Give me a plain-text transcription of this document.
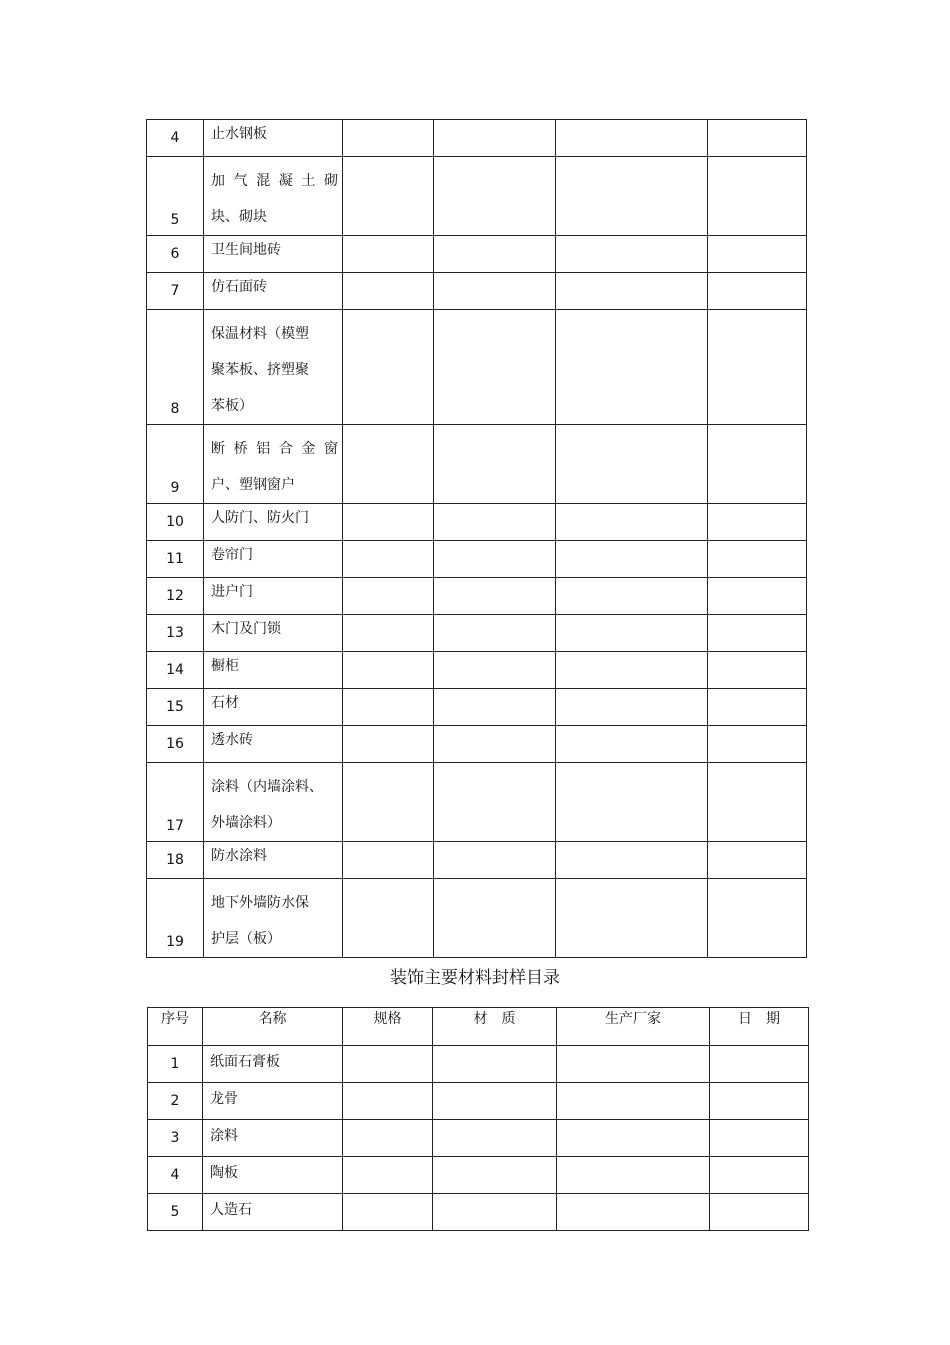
4	止水钢板				

5	加气混凝土砌
块、砌块				

6	卫生间地砖				

7	仿石面砖				

8	保温材料（模塑
聚苯板、挤塑聚
苯板）				

9	断桥铝合金窗
户、塑钢窗户				

10	人防门、防火门				

11	卷帘门				

12	进户门				

13	木门及门锁				

14	橱柜				

15	石材				

16	透水砖				

17	涂料（内墙涂料、
外墙涂料）				

18	防水涂料				

19	地下外墙防水保
护层（板）				

装饰主要材料封样目录
序号	名称	规格	材　质	生产厂家	日　期
1	纸面石膏板				
2	龙骨				
3	涂料				
4	陶板				
5	人造石				
